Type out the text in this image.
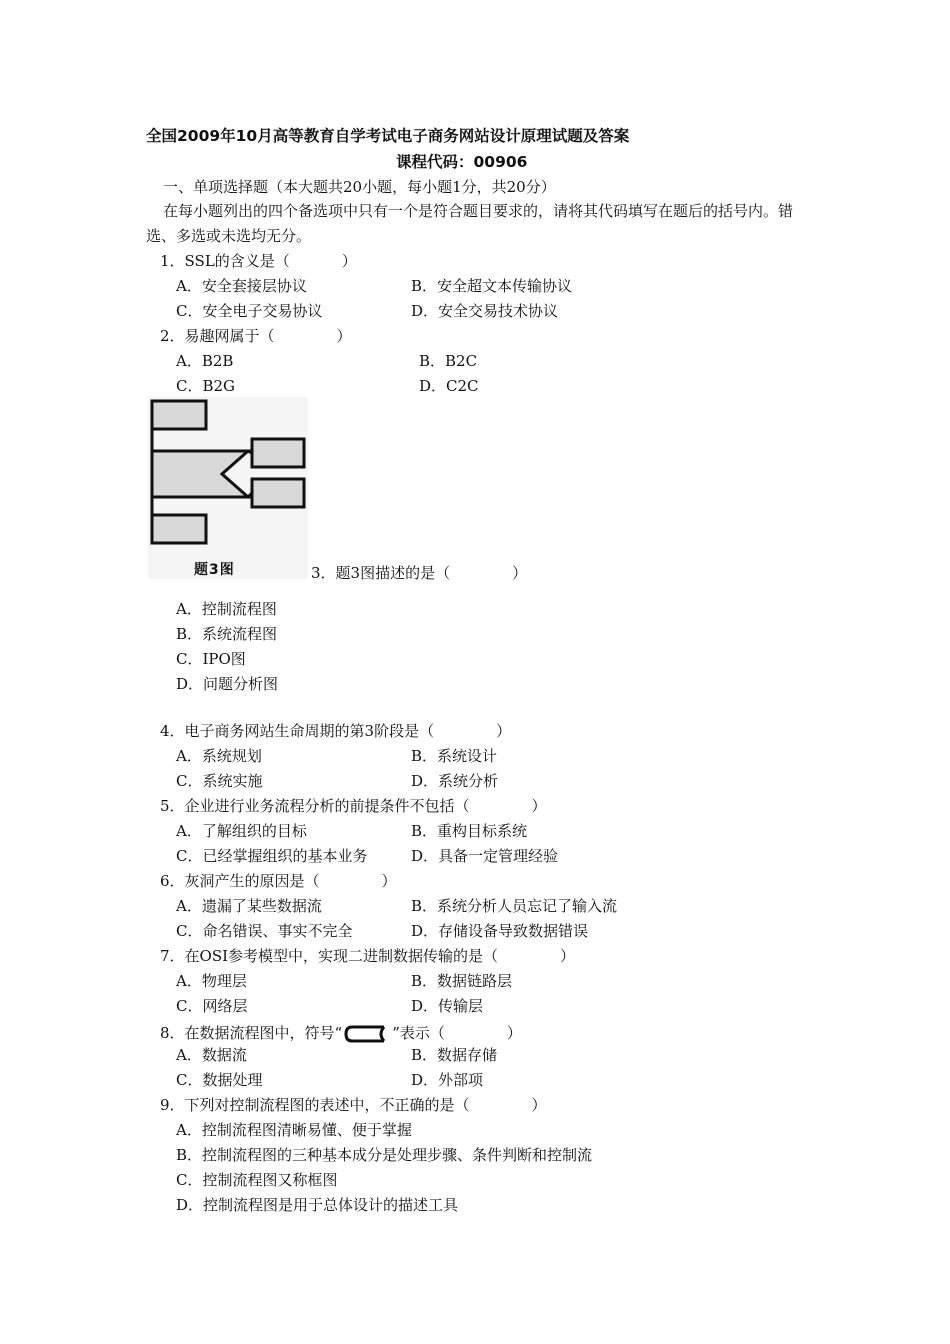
全国2009年10月高等教育自学考试电子商务网站设计原理试题及答案
课程代码：00906
一、单项选择题（本大题共20小题，每小题1分，共20分）
在每小题列出的四个备选项中只有一个是符合题目要求的，请将其代码填写在题后的括号内。错选、多选或未选均无分。
1．SSL的含义是（	）
A．安全套接层协议	B．安全超文本传输协议
C．安全电子交易协议	D．安全交易技术协议
2．易趣网属于（	）
A．B2B	B．B2C
C．B2G	D．C2C
题3图	3．题3图描述的是（	）
A．控制流程图
B．系统流程图
C．IPO图
D．问题分析图
4．电子商务网站生命周期的第3阶段是（	）
A．系统规划	B．系统设计
C．系统实施	D．系统分析
5．企业进行业务流程分析的前提条件不包括（	）
A．了解组织的目标	B．重构目标系统
C．已经掌握组织的基本业务	D．具备一定管理经验
6．灰洞产生的原因是（	）
A．遗漏了某些数据流	B．系统分析人员忘记了输入流
C．命名错误、事实不完全	D．存储设备导致数据错误
7．在OSI参考模型中，实现二进制数据传输的是（	）
A．物理层	B．数据链路层
C．网络层	D．传输层
8．在数据流程图中，符号“	”表示（	）
A．数据流	B．数据存储
C．数据处理	D．外部项
9．下列对控制流程图的表述中，不正确的是（	）
A．控制流程图清晰易懂、便于掌握
B．控制流程图的三种基本成分是处理步骤、条件判断和控制流
C．控制流程图又称框图
D．控制流程图是用于总体设计的描述工具
